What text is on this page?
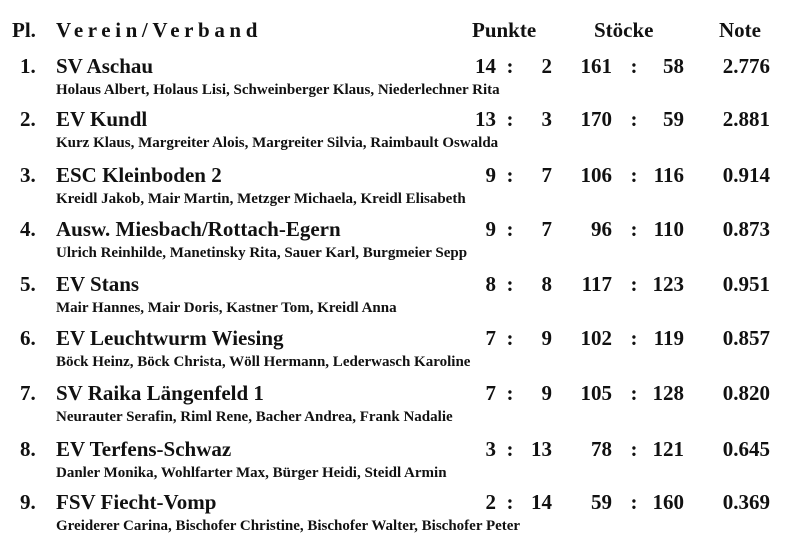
Pl. Verein/Verband	Punkte	Stöcke	Note
1. SV Aschau	14 :	2	161 :	58	2.776
Holaus Albert, Holaus Lisi, Schweinberger Klaus, Niederlechner Rita
2. EV Kundl	13 :	3	170 :	59	2.881
Kurz Klaus, Margreiter Alois, Margreiter Silvia, Raimbault Oswalda
3. ESC Kleinboden 2	9 :	7	106 : 116	0.914
Kreidl Jakob, Mair Martin, Metzger Michaela, Kreidl Elisabeth
4. Ausw. Miesbach/Rottach-Egern	9 :	7	96 : 110	0.873
Ulrich Reinhilde, Manetinsky Rita, Sauer Karl, Burgmeier Sepp
5. EV Stans	8 :	8	117 : 123	0.951
Mair Hannes, Mair Doris, Kastner Tom, Kreidl Anna
6. EV Leuchtwurm Wiesing	7 :	9	102 : 119	0.857
Böck Heinz, Böck Christa, Wöll Hermann, Lederwasch Karoline
7. SV Raika Längenfeld 1	7 :	9	105 : 128	0.820
Neurauter Serafin, Riml Rene, Bacher Andrea, Frank Nadalie
8. EV Terfens-Schwaz	3 : 13	78 : 121	0.645
Danler Monika, Wohlfarter Max, Bürger Heidi, Steidl Armin
9. FSV Fiecht-Vomp	2 : 14	59 : 160	0.369
Greiderer Carina, Bischofer Christine, Bischofer Walter, Bischofer Peter
